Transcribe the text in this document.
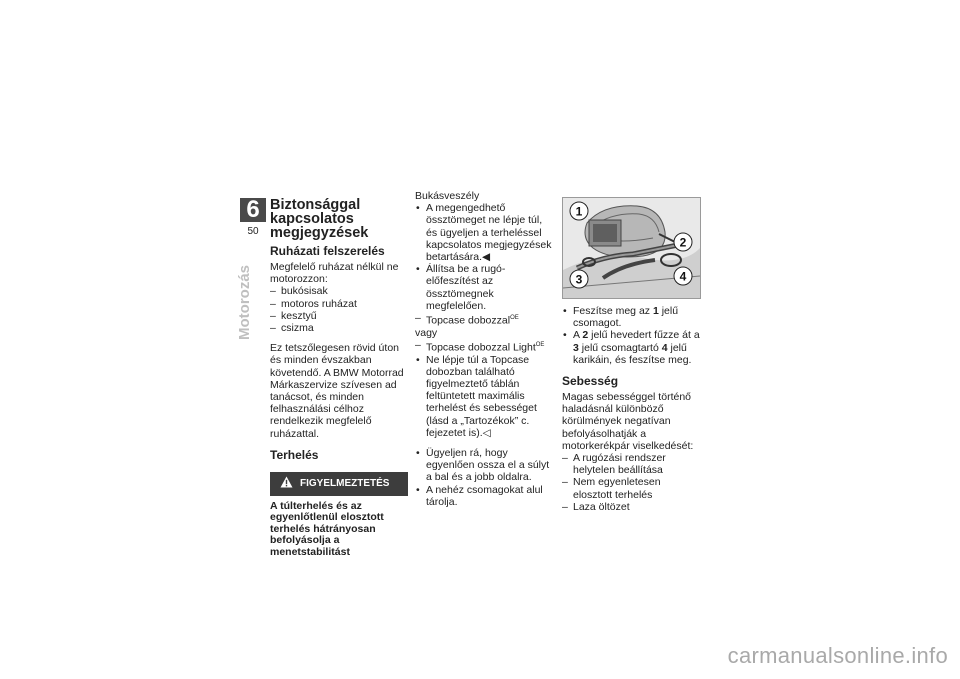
6
50
Motorozás
Biztonsággal kapcsolatos megjegyzések
Ruházati felszerelés

Megfelelő ruházat nélkül ne motorozzon:

– bukósisak
– motoros ruházat
– kesztyű
– csizma

Ez tetszőlegesen rövid úton és minden évszakban követendő. A BMW Motorrad Márkaszervize szívesen ad tanácsot, és minden felhasználási célhoz rendelkezik megfelelő ruházattal.

Terhelés
FIGYELMEZTETÉS

A túlterhelés és az egyenlőtlenül elosztott terhelés hátrányosan befolyásolja a menetstabilitást

Bukásveszély

• A megengedhető össztömeget ne lépje túl, és ügyeljen a terheléssel kapcsolatos megjegyzések betartására.◀
• Állítsa be a rugó-előfeszítést az össztömegnek megfelelően.
– Topcase dobozzal$^{OE}$

vagy

– Topcase dobozzal Light$^{OE}$
• Ne lépje túl a Topcase dobozban található figyelmeztető táblán feltüntetett maximális terhelést és sebességet (lásd a „Tartozékok” c. fejezetet is).◁
• Ügyeljen rá, hogy egyenlően ossza el a súlyt a bal és a jobb oldalra.
• A nehéz csomagokat alul tárolja.
1
2
3	4
• Feszítse meg az 1 jelű csomagot.
• A 2 jelű hevedert fűzze át a 3 jelű csomagtartó 4 jelű karikáin, és feszítse meg.
Sebesség

Magas sebességgel történő haladásnál különböző körülmények negatívan befolyásolhatják a motorkerékpár viselkedését:

– A rugózási rendszer helytelen beállítása
– Nem egyenletesen elosztott terhelés
– Laza öltözet
carmanualsonline.info
